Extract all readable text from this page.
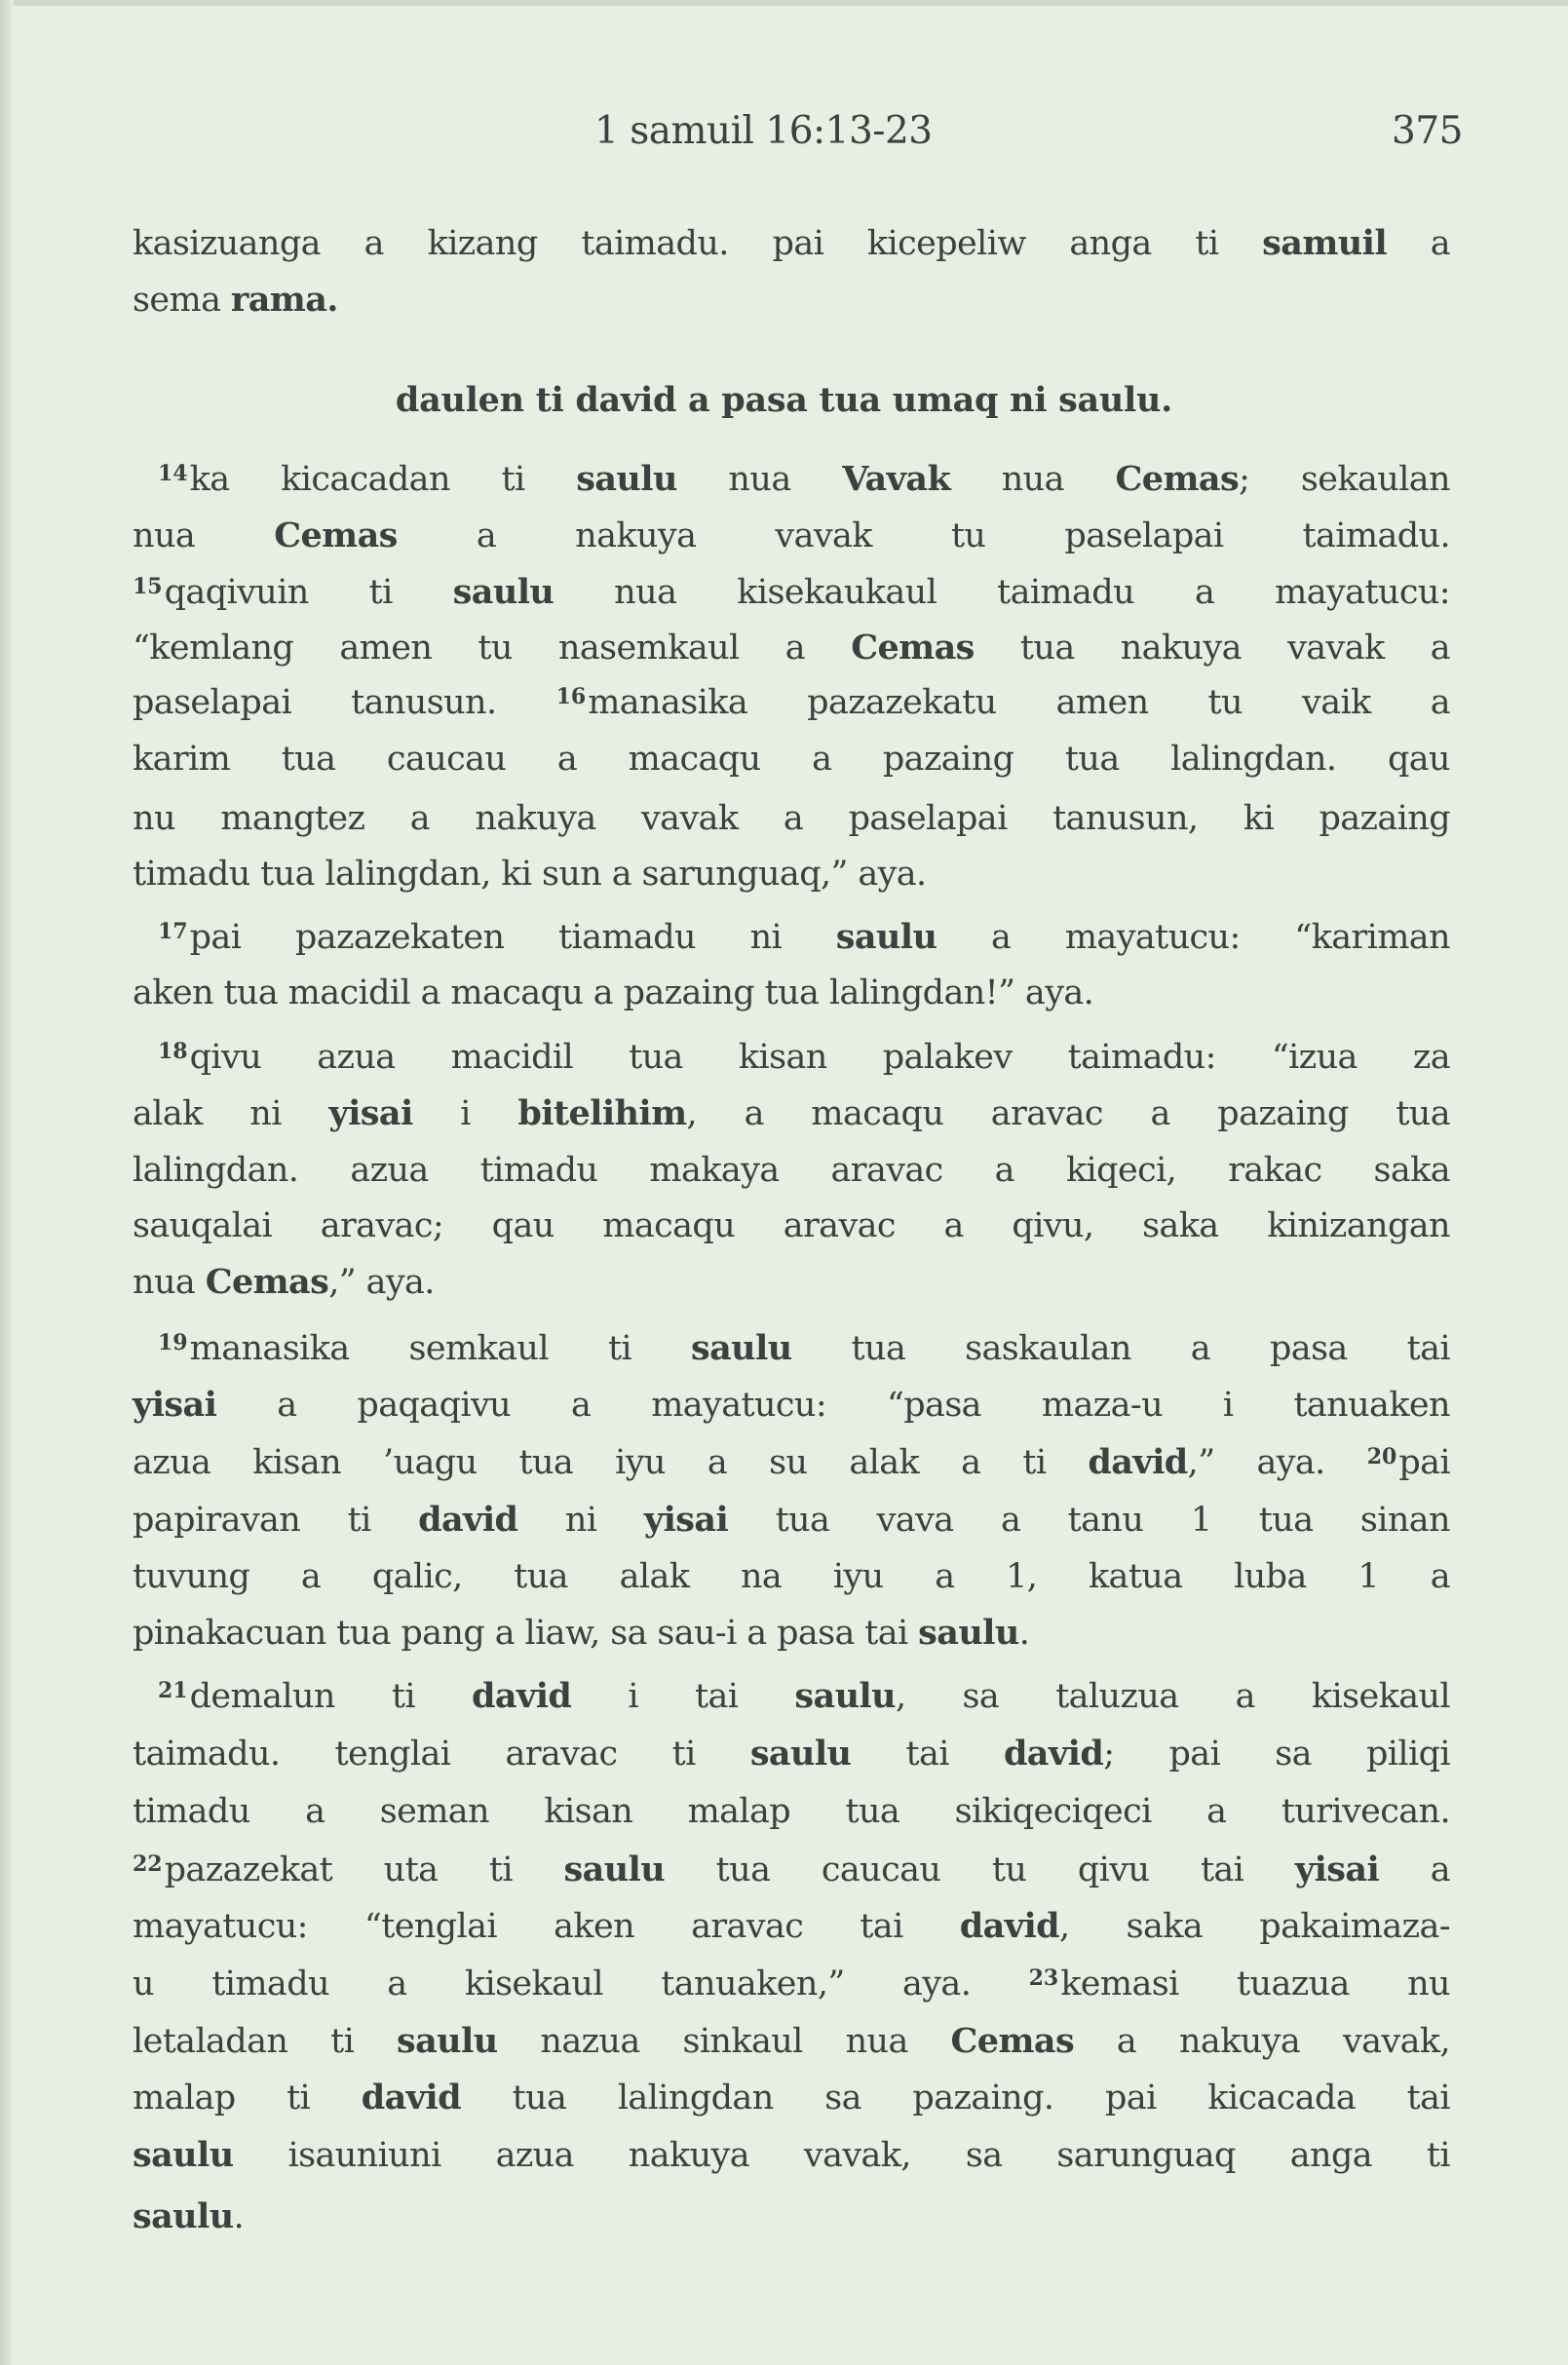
1 samuil 16:13-23	375
daulen ti david a pasa tua umaq ni saulu.
kasizuanga a kizang taimadu. pai kicepeliw anga ti samuil a
sema rama.
$^{14}$ka kicacadan ti saulu nua Vavak nua Cemas; sekaulan
nua Cemas a nakuya vavak tu paselapai taimadu.
$^{15}$qaqivuin ti saulu nua kisekaukaul taimadu a mayatucu:
“kemlang amen tu nasemkaul a Cemas tua nakuya vavak a
paselapai tanusun. $^{16}$manasika pazazekatu amen tu vaik a
karim tua caucau a macaqu a pazaing tua lalingdan. qau
nu mangtez a nakuya vavak a paselapai tanusun, ki pazaing
timadu tua lalingdan, ki sun a sarunguaq,” aya.
$^{17}$pai pazazekaten tiamadu ni saulu a mayatucu: “kariman
aken tua macidil a macaqu a pazaing tua lalingdan!” aya.
$^{18}$qivu azua macidil tua kisan palakev taimadu: “izua za
alak ni yisai i bitelihim, a macaqu aravac a pazaing tua
lalingdan. azua timadu makaya aravac a kiqeci, rakac saka
sauqalai aravac; qau macaqu aravac a qivu, saka kinizangan
nua Cemas,” aya.
$^{19}$manasika semkaul ti saulu tua saskaulan a pasa tai
yisai a paqaqivu a mayatucu: “pasa maza-u i tanuaken
azua kisan ’uagu tua iyu a su alak a ti david,” aya. $^{20}$pai
papiravan ti david ni yisai tua vava a tanu 1 tua sinan
tuvung a qalic, tua alak na iyu a 1, katua luba 1 a
pinakacuan tua pang a liaw, sa sau-i a pasa tai saulu.
$^{21}$demalun ti david i tai saulu, sa taluzua a kisekaul
taimadu. tenglai aravac ti saulu tai david; pai sa piliqi
timadu a seman kisan malap tua sikiqeciqeci a turivecan.
$^{22}$pazazekat uta ti saulu tua caucau tu qivu tai yisai a
mayatucu: “tenglai aken aravac tai david, saka pakaimaza-
u timadu a kisekaul tanuaken,” aya. $^{23}$kemasi tuazua nu
letaladan ti saulu nazua sinkaul nua Cemas a nakuya vavak,
malap ti david tua lalingdan sa pazaing. pai kicacada tai
saulu isauniuni azua nakuya vavak, sa sarunguaq anga ti
saulu.
